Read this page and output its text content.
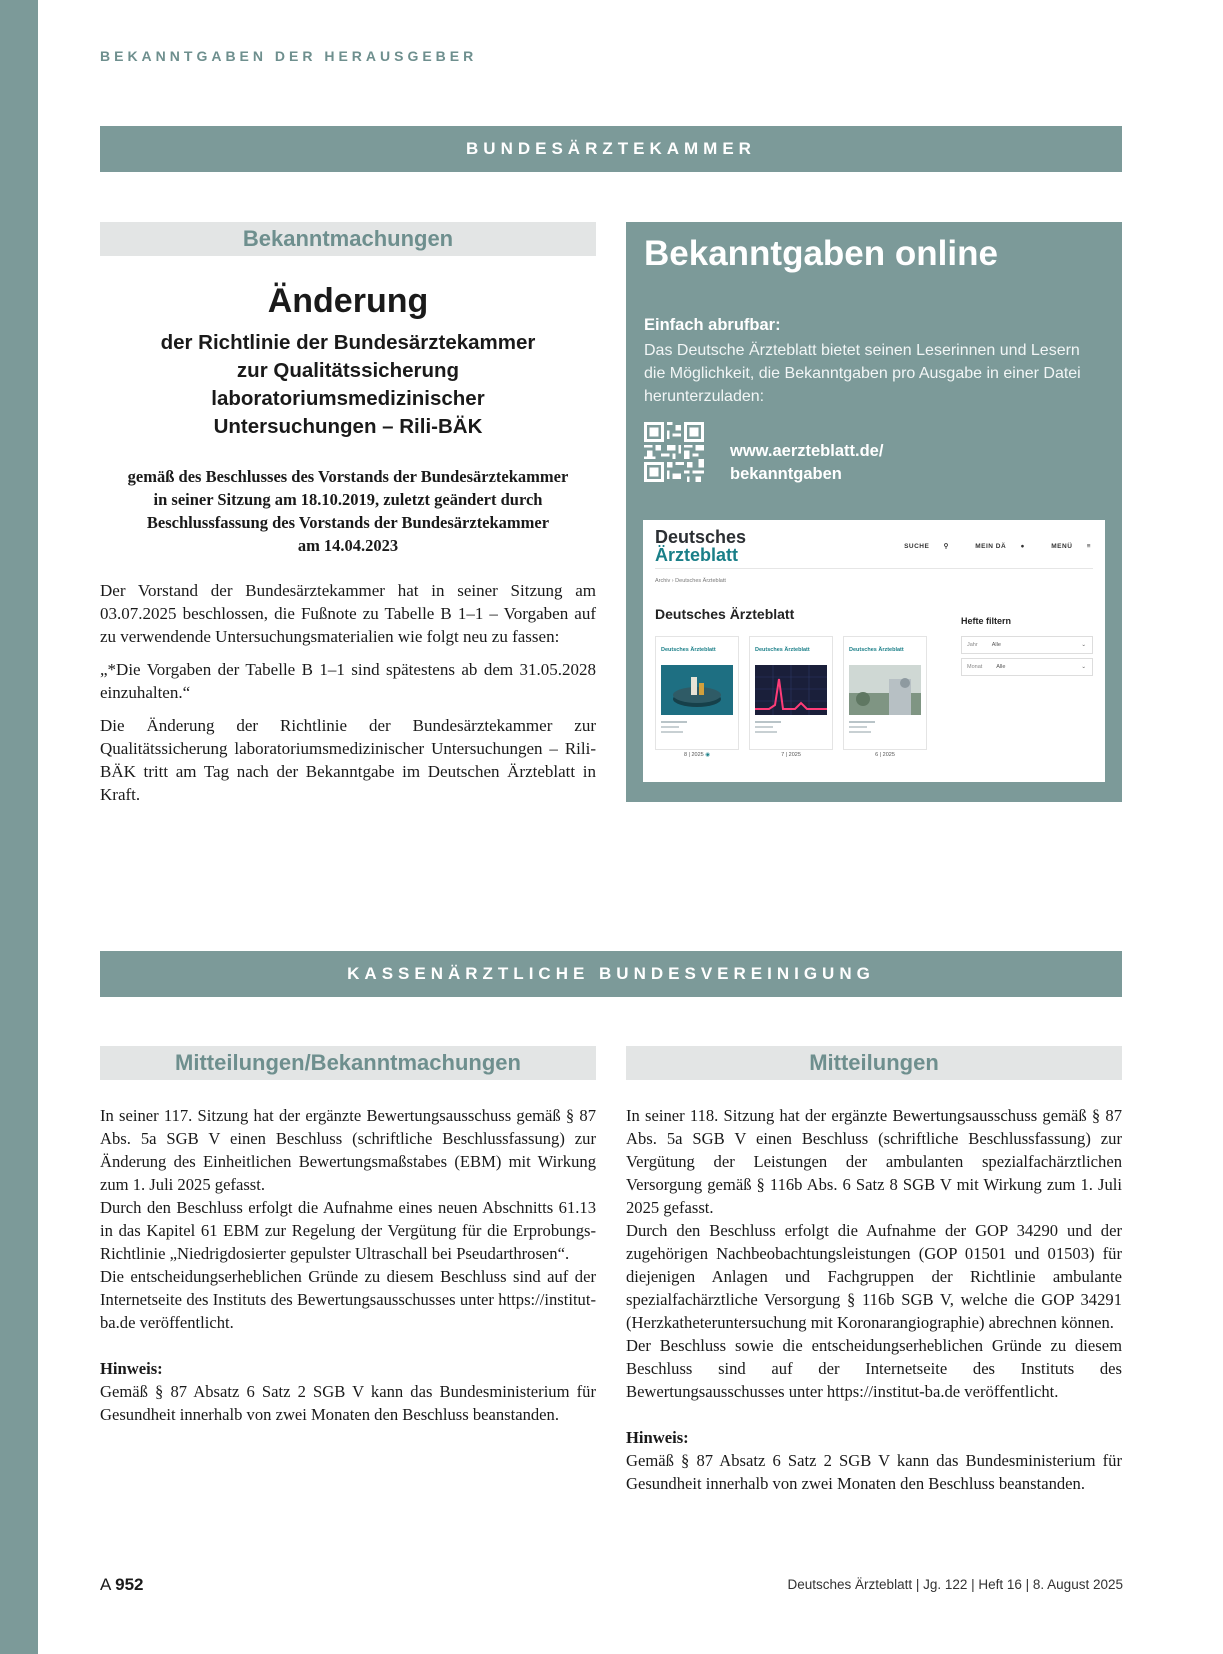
BEKANNTGABEN DER HERAUSGEBER
BUNDESÄRZTEKAMMER
Bekanntmachungen
Änderung

der Richtlinie der Bundesärztekammer
zur Qualitätssicherung laboratoriumsmedizinischer
Untersuchungen – Rili-BÄK

gemäß des Beschlusses des Vorstands der Bundesärztekammer
in seiner Sitzung am 18.10.2019, zuletzt geändert durch
Beschlussfassung des Vorstands der Bundesärztekammer
am 14.04.2023

Der Vorstand der Bundesärztekammer hat in seiner Sitzung am 03.07.2025 beschlossen, die Fußnote zu Tabelle B 1–1 – Vorgaben auf zu verwendende Untersuchungsmaterialien wie folgt neu zu fassen:

„*Die Vorgaben der Tabelle B 1–1 sind spätestens ab dem 31.05.2028 einzuhalten.“

Die Änderung der Richtlinie der Bundesärztekammer zur Qualitätssicherung laboratoriumsmedizinischer Untersuchungen – Rili-BÄK tritt am Tag nach der Bekanntgabe im Deutschen Ärzteblatt in Kraft.

Bekanntgaben online
Einfach abrufbar:
Das Deutsche Ärzteblatt bietet seinen Leserinnen und Lesern die Möglichkeit, die Bekanntgaben pro Ausgabe in einer Datei herunterzuladen:
www.aerzteblatt.de/
bekanntgaben
Deutsches
Ärzteblatt	SUCHE ⚲	MEIN DÄ ●	MENÜ ≡
Archiv › Deutsches Ärzteblatt
Deutsches Ärzteblatt	Hefte filtern
Jahr	Alle	⌄
Monat	Alle	⌄
Deutsches Ärzteblatt
8 | 2025 ◉
Deutsches Ärzteblatt
7 | 2025
Deutsches Ärzteblatt
6 | 2025
KASSENÄRZTLICHE BUNDESVEREINIGUNG
Mitteilungen/Bekanntmachungen	Mitteilungen

In seiner 117. Sitzung hat der ergänzte Bewertungsausschuss gemäß § 87 Abs. 5a SGB V einen Beschluss (schriftliche Beschlussfassung) zur Änderung des Einheitlichen Bewertungsmaßstabes (EBM) mit Wirkung zum 1. Juli 2025 gefasst.

Durch den Beschluss erfolgt die Aufnahme eines neuen Abschnitts 61.13 in das Kapitel 61 EBM zur Regelung der Vergütung für die Erprobungs-Richtlinie „Niedrigdosierter gepulster Ultraschall bei Pseudarthrosen“.

Die entscheidungserheblichen Gründe zu diesem Beschluss sind auf der Internetseite des Instituts des Bewertungsausschusses unter https://institut-ba.de veröffentlicht.

Hinweis:

Gemäß § 87 Absatz 6 Satz 2 SGB V kann das Bundesministerium für Gesundheit innerhalb von zwei Monaten den Beschluss beanstanden.

In seiner 118. Sitzung hat der ergänzte Bewertungsausschuss gemäß § 87 Abs. 5a SGB V einen Beschluss (schriftliche Beschlussfassung) zur Vergütung der Leistungen der ambulanten spezialfachärztlichen Versorgung gemäß § 116b Abs. 6 Satz 8 SGB V mit Wirkung zum 1. Juli 2025 gefasst.

Durch den Beschluss erfolgt die Aufnahme der GOP 34290 und der zugehörigen Nachbeobachtungsleistungen (GOP 01501 und 01503) für diejenigen Anlagen und Fachgruppen der Richtlinie ambulante spezialfachärztliche Versorgung § 116b SGB V, welche die GOP 34291 (Herzkatheteruntersuchung mit Koronarangiographie) abrechnen können.

Der Beschluss sowie die entscheidungserheblichen Gründe zu diesem Beschluss sind auf der Internetseite des Instituts des Bewertungsausschusses unter https://institut-ba.de veröffentlicht.

Hinweis:

Gemäß § 87 Absatz 6 Satz 2 SGB V kann das Bundesministerium für Gesundheit innerhalb von zwei Monaten den Beschluss beanstanden.

A 952	Deutsches Ärzteblatt | Jg. 122 | Heft 16 | 8. August 2025
